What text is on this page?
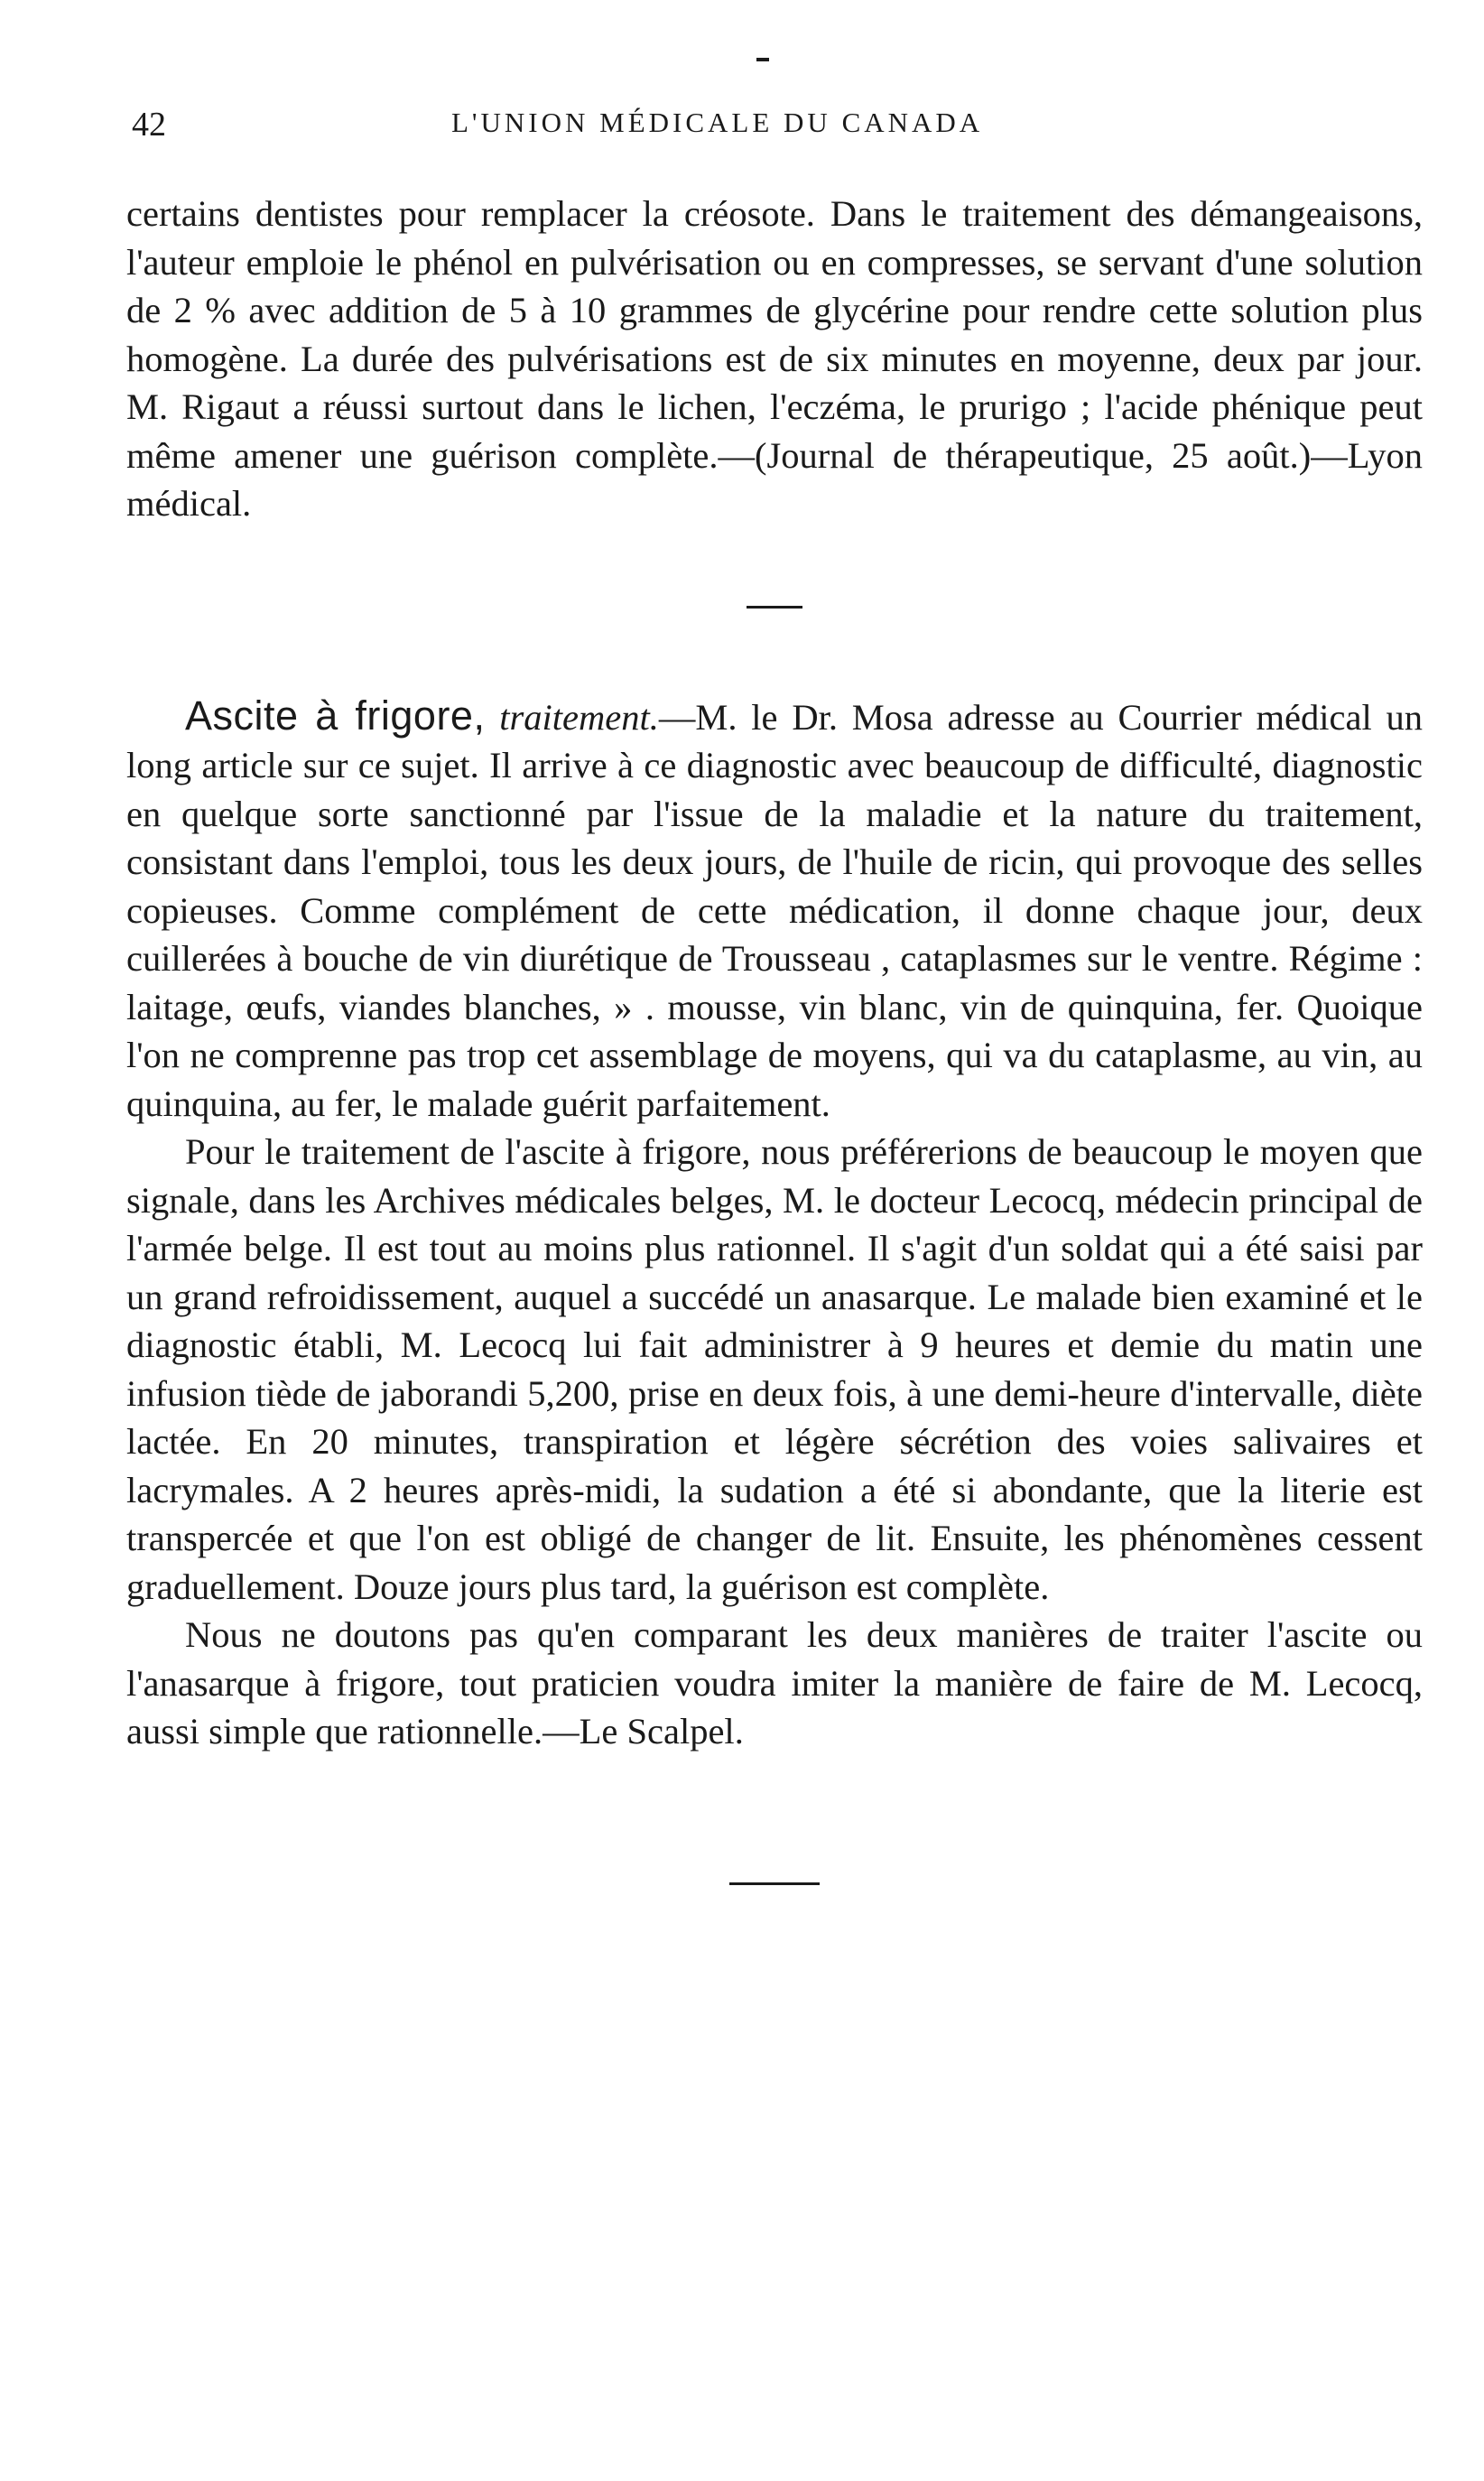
42	L'UNION MÉDICALE DU CANADA

certains dentistes pour remplacer la créosote. Dans le traitement des démangeaisons, l'auteur emploie le phénol en pulvérisation ou en compresses, se servant d'une solution de 2 % avec addition de 5 à 10 grammes de glycérine pour rendre cette solution plus homogène. La durée des pulvérisations est de six minutes en moyenne, deux par jour. M. Rigaut a réussi surtout dans le lichen, l'eczéma, le prurigo ; l'acide phénique peut même amener une guérison complète.—(Journal de thérapeutique, 25 août.)—Lyon médical.

Ascite à frigore, traitement.—M. le Dr. Mosa adresse au Courrier médical un long article sur ce sujet. Il arrive à ce diagnostic avec beaucoup de difficulté, diagnostic en quelque sorte sanctionné par l'issue de la maladie et la nature du traitement, consistant dans l'emploi, tous les deux jours, de l'huile de ricin, qui provoque des selles copieuses. Comme complément de cette médication, il donne chaque jour, deux cuillerées à bouche de vin diurétique de Trousseau , cataplasmes sur le ventre. Régime : laitage, œufs, viandes blanches, » . mousse, vin blanc, vin de quinquina, fer. Quoique l'on ne comprenne pas trop cet assemblage de moyens, qui va du cataplasme, au vin, au quinquina, au fer, le malade guérit parfaitement.

Pour le traitement de l'ascite à frigore, nous préférerions de beaucoup le moyen que signale, dans les Archives médicales belges, M. le docteur Lecocq, médecin principal de l'armée belge. Il est tout au moins plus rationnel. Il s'agit d'un soldat qui a été saisi par un grand refroidissement, auquel a succédé un anasarque. Le malade bien examiné et le diagnostic établi, M. Lecocq lui fait administrer à 9 heures et demie du matin une infusion tiède de jaborandi 5,200, prise en deux fois, à une demi-heure d'intervalle, diète lactée. En 20 minutes, transpiration et légère sécrétion des voies salivaires et lacrymales. A 2 heures après-midi, la sudation a été si abondante, que la literie est transpercée et que l'on est obligé de changer de lit. Ensuite, les phénomènes cessent graduellement. Douze jours plus tard, la guérison est complète.

Nous ne doutons pas qu'en comparant les deux manières de traiter l'ascite ou l'anasarque à frigore, tout praticien voudra imiter la manière de faire de M. Lecocq, aussi simple que rationnelle.—Le Scalpel.
